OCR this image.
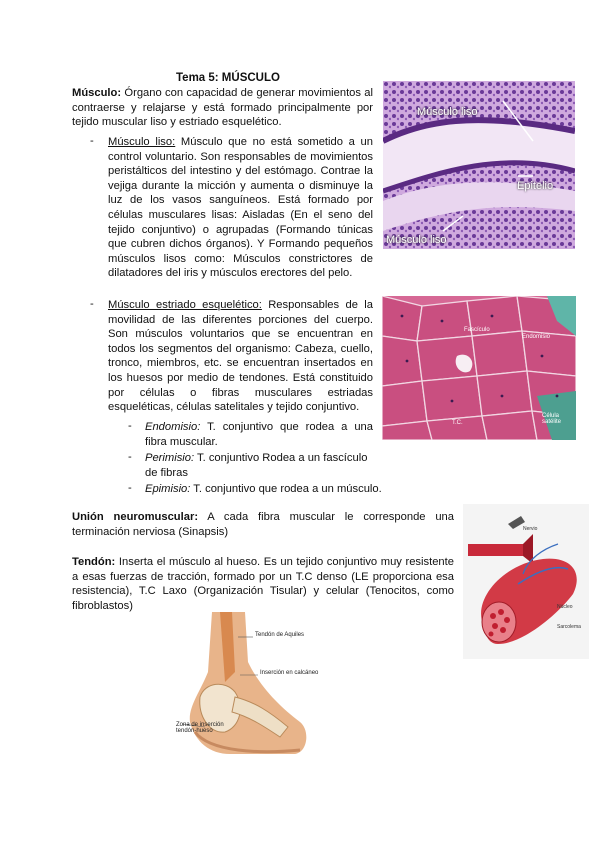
Tema 5: MÚSCULO

Músculo: Órgano con capacidad de generar movimientos al contraerse y relajarse y está formado principalmente por tejido muscular liso y estriado esquelético.

- Músculo liso: Músculo que no está sometido a un control voluntario. Son responsables de movimientos peristálticos del intestino y del estómago. Contrae la vejiga durante la micción y aumenta o disminuye la luz de los vasos sanguíneos. Está formado por células musculares lisas: Aisladas (En el seno del tejido conjuntivo) o agrupadas (Formando túnicas que cubren dichos órganos). Y Formando pequeños músculos lisos como: Músculos constrictores de dilatadores del iris y músculos erectores del pelo.

- Músculo estriado esquelético: Responsables de la movilidad de las diferentes porciones del cuerpo. Son músculos voluntarios que se encuentran en todos los segmentos del organismo: Cabeza, cuello, tronco, miembros, etc. se encuentran insertados en los huesos por medio de tendones. Está constituido por células o fibras musculares estriadas esqueléticas, células satelitales y tejido conjuntivo.

- Endomisio: T. conjuntivo que rodea a una fibra muscular.

- Perimisio: T. conjuntivo Rodea a un fascículo de fibras

- Epimisio: T. conjuntivo que rodea a un músculo.

Unión neuromuscular: A cada fibra muscular le corresponde una terminación nerviosa (Sinapsis)

Tendón: Inserta el músculo al hueso. Es un tejido conjuntivo muy resistente a esas fuerzas de tracción, formado por un T.C denso (LE proporciona esa resistencia), T.C Laxo (Organización Tisular) y celular (Tenocitos, como fibroblastos)

Músculo liso
Epitelio
Músculo liso
Fascículo
Endomisio
Célula satélite
T.C.
Nervio
Núcleo
Sarcolema
Tendón de Aquiles
Inserción en calcáneo
Zona de inserción tendón-hueso
